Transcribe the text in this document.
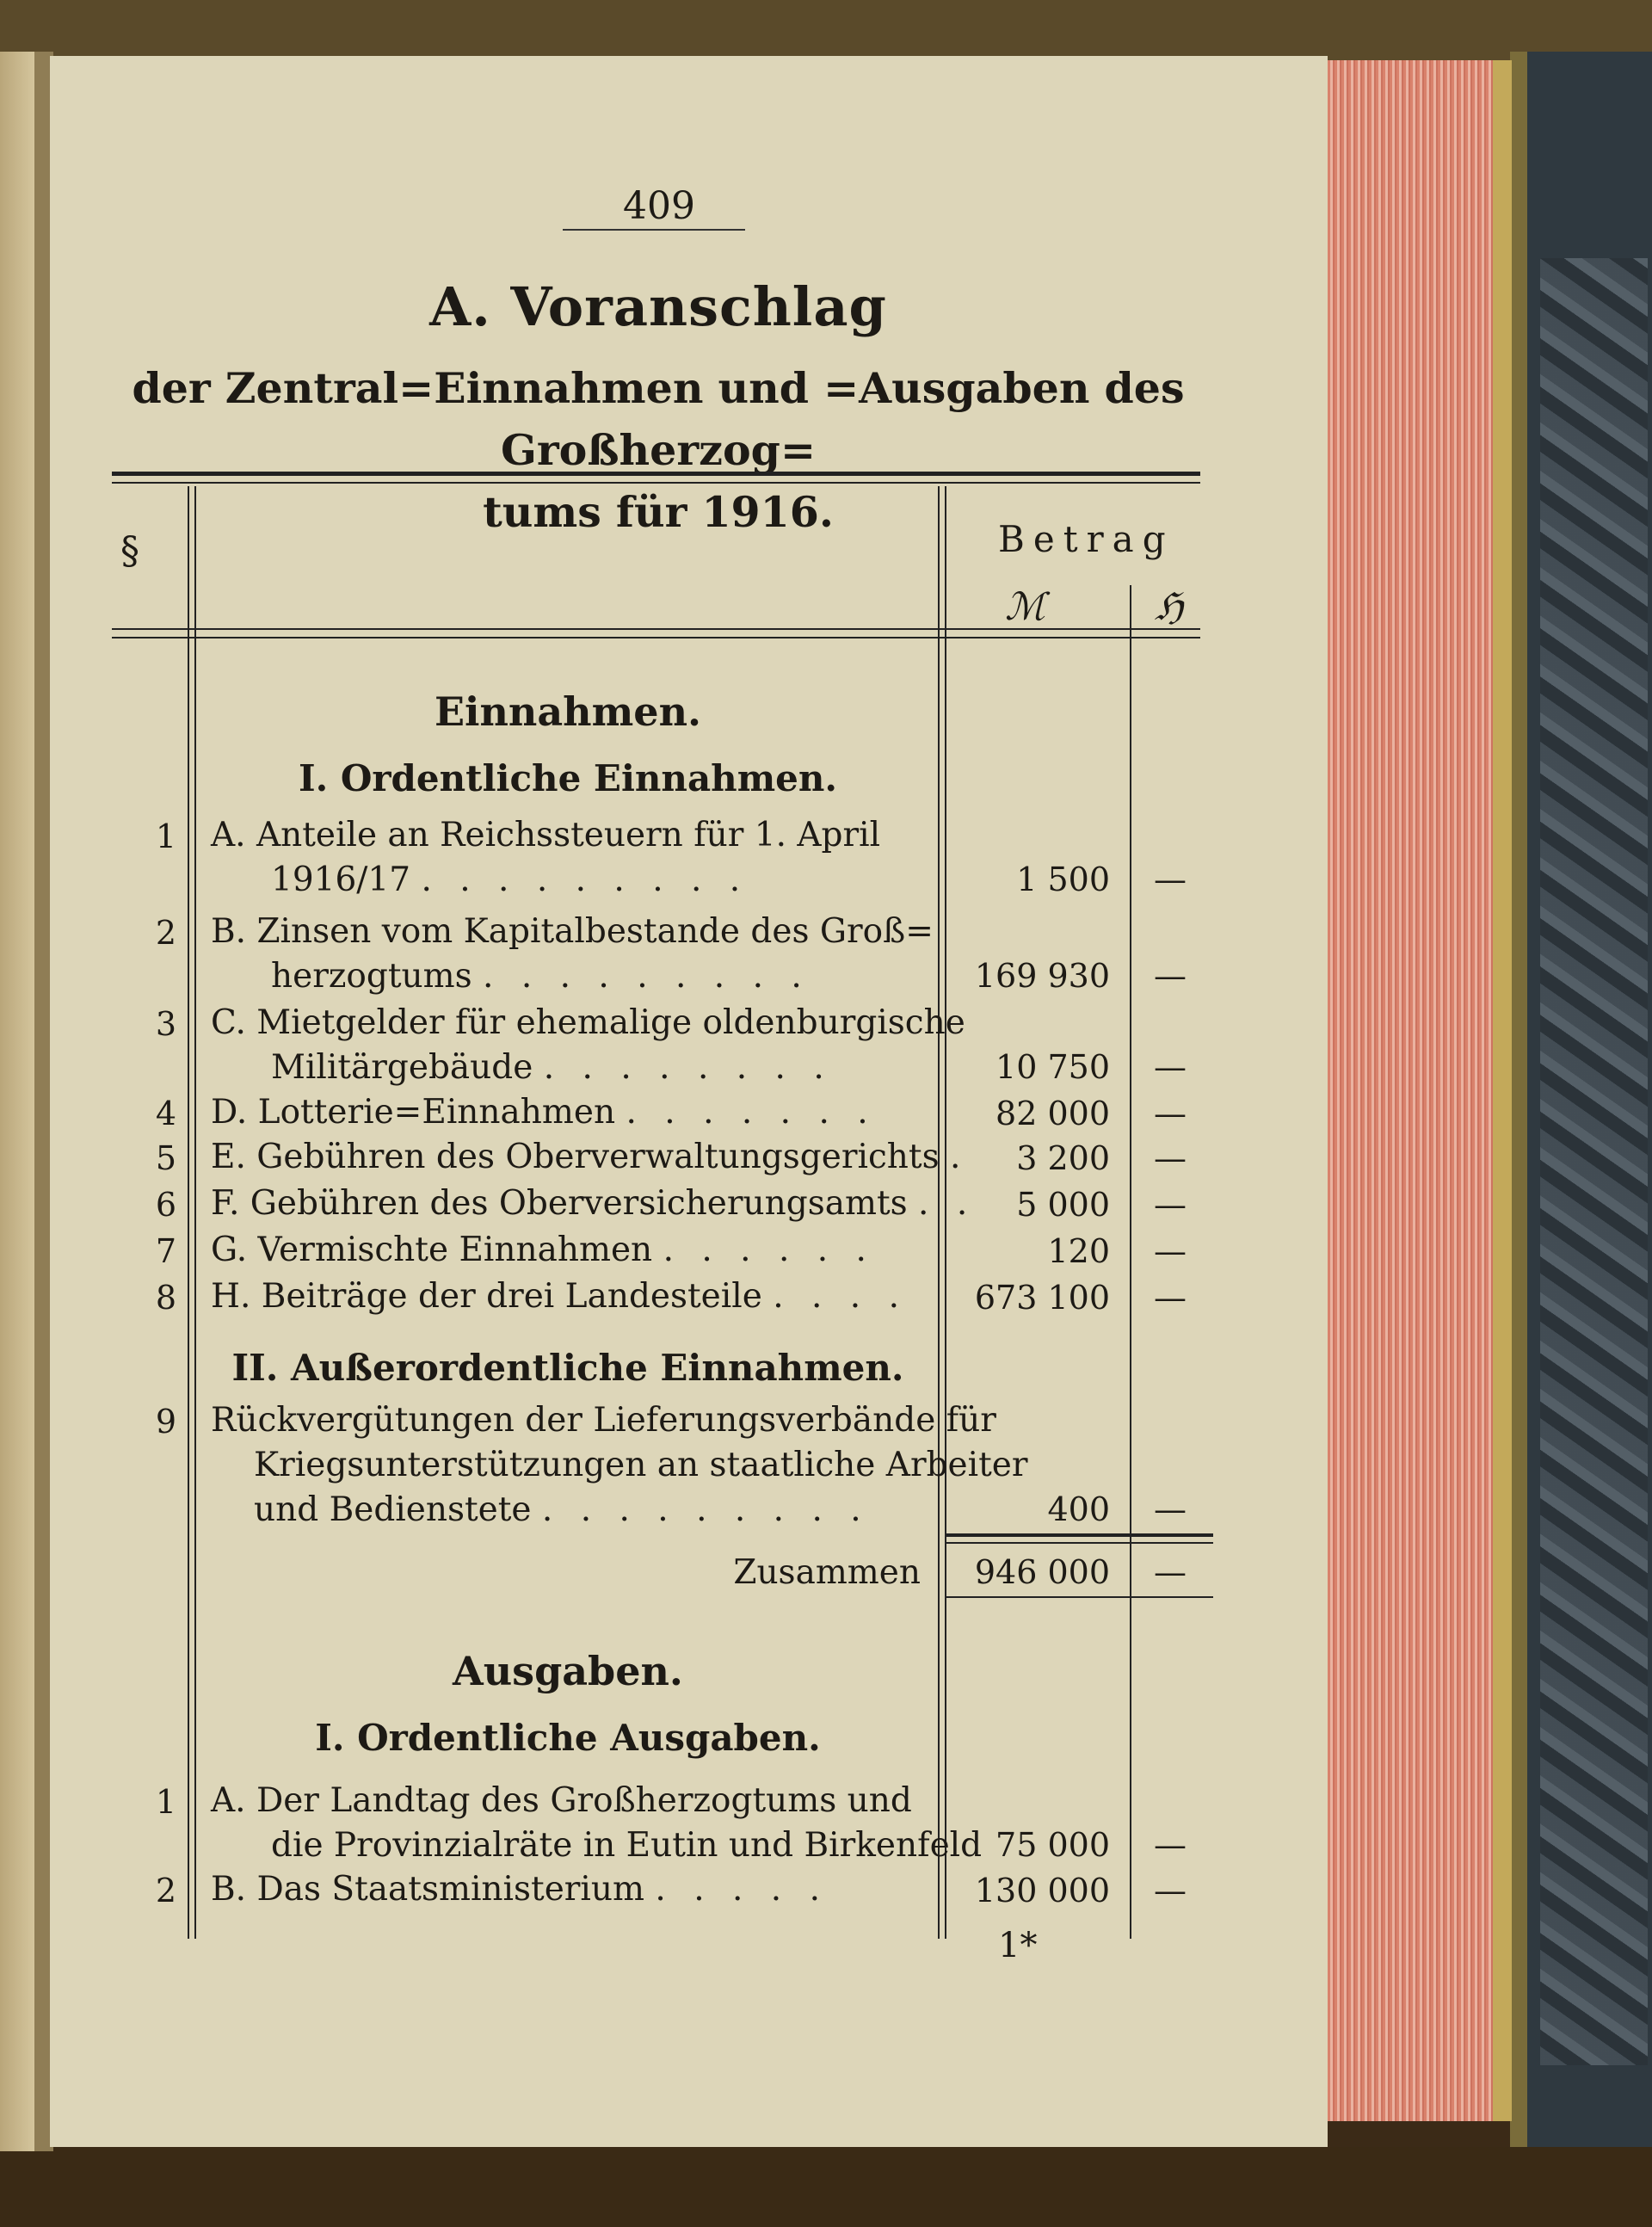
409
A. Voranschlag
der Zentral=Einnahmen und =Ausgaben des Großherzog=
tums für 1916.
§	Betrag
ℳ	ℌ
Einnahmen.
I. Ordentliche Einnahmen.
1 A. Anteile an Reichssteuern für 1. April
1916/17 . . . . . . . . .	1 500 —
2 B. Zinsen vom Kapitalbestande des Groß=
herzogtums . . . . . . . . .	169 930 —
3 C. Mietgelder für ehemalige oldenburgische
Militärgebäude . . . . . . . .	10 750 —
4 D. Lotterie=Einnahmen . . . . . . .	82 000 —
5 E. Gebühren des Oberverwaltungsgerichts .	3 200 —
6 F. Gebühren des Oberversicherungsamts . .	5 000 —
7 G. Vermischte Einnahmen . . . . . .	120 —
8 H. Beiträge der drei Landesteile . . . .	673 100 —
II. Außerordentliche Einnahmen.
9 Rückvergütungen der Lieferungsverbände für
Kriegsunterstützungen an staatliche Arbeiter
und Bedienstete . . . . . . . . .	400 —
Zusammen	946 000 —
Ausgaben.
I. Ordentliche Ausgaben.
1 A. Der Landtag des Großherzogtums und
die Provinzialräte in Eutin und Birkenfeld 75 000 —
2 B. Das Staatsministerium . . . . .	130 000 —
1*
